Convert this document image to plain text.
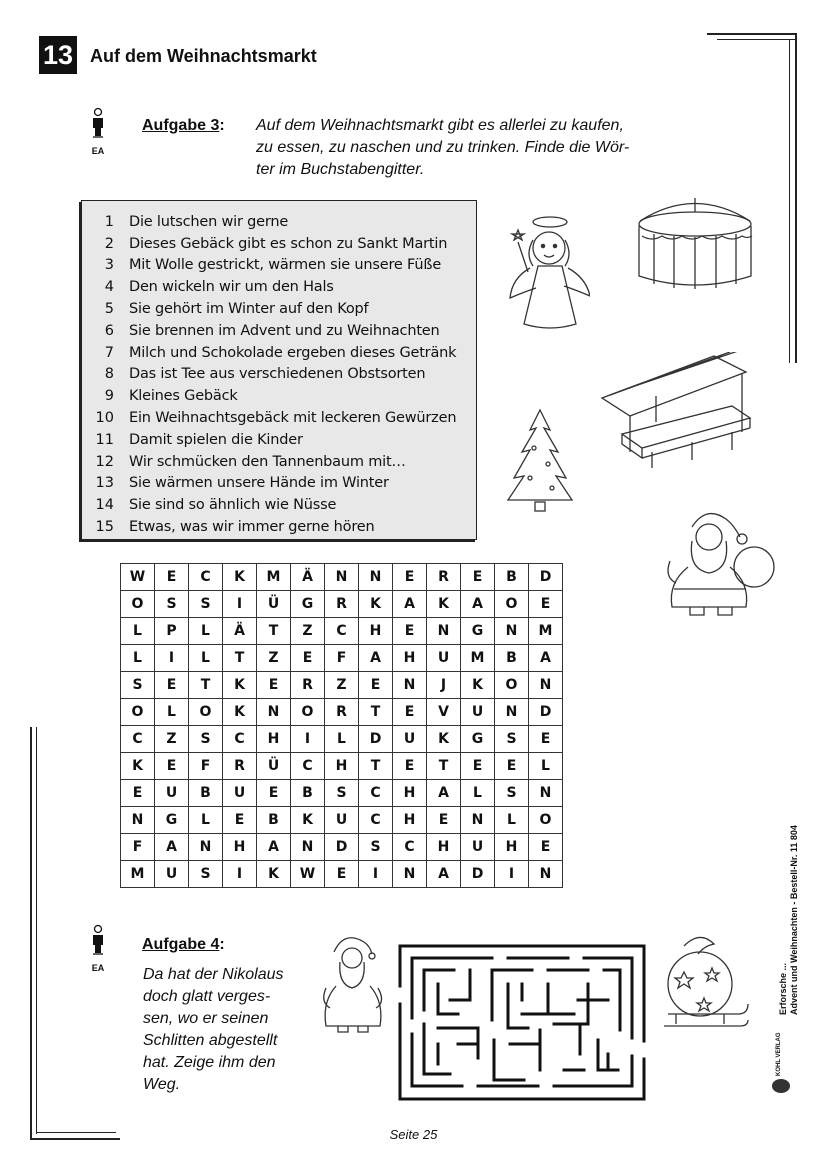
13 Auf dem Weihnachtsmarkt
EA
Aufgabe 3: Auf dem Weihnachtsmarkt gibt es allerlei zu kaufen,
zu essen, zu naschen und zu trinken. Finde die Wör-
ter im Buchstabengitter.
1	Die lutschen wir gerne
2	Dieses Gebäck gibt es schon zu Sankt Martin
3	Mit Wolle gestrickt, wärmen sie unsere Füße
4	Den wickeln wir um den Hals
5	Sie gehört im Winter auf den Kopf
6	Sie brennen im Advent und zu Weihnachten
7	Milch und Schokolade ergeben dieses Getränk
8	Das ist Tee aus verschiedenen Obstsorten
9	Kleines Gebäck
10	Ein Weihnachtsgebäck mit leckeren Gewürzen
11	Damit spielen die Kinder
12	Wir schmücken den Tannenbaum mit…
13	Sie wärmen unsere Hände im Winter
14	Sie sind so ähnlich wie Nüsse
15	Etwas, was wir immer gerne hören
W	E	C	K	M	Ä	N	N	E	R	E	B	D
O	S	S	I	Ü	G	R	K	A	K	A	O	E
L	P	L	Ä	T	Z	C	H	E	N	G	N	M
L	I	L	T	Z	E	F	A	H	U	M	B	A
S	E	T	K	E	R	Z	E	N	J	K	O	N
O	L	O	K	N	O	R	T	E	V	U	N	D
C	Z	S	C	H	I	L	D	U	K	G	S	E
K	E	F	R	Ü	C	H	T	E	T	E	E	L
E	U	B	U	E	B	S	C	H	A	L	S	N
N	G	L	E	B	K	U	C	H	E	N	L	O
F	A	N	H	A	N	D	S	C	H	U	H	E
M	U	S	I	K	W	E	I	N	A	D	I	N
EA
Aufgabe 4:
Da hat der Nikolaus
doch glatt verges-
sen, wo er seinen
Schlitten abgestellt
hat. Zeige ihm den
Weg.
Seite 25
Erforsche ... Advent und Weihnachten - Bestell-Nr. 11 804
KOHL VERLAG
